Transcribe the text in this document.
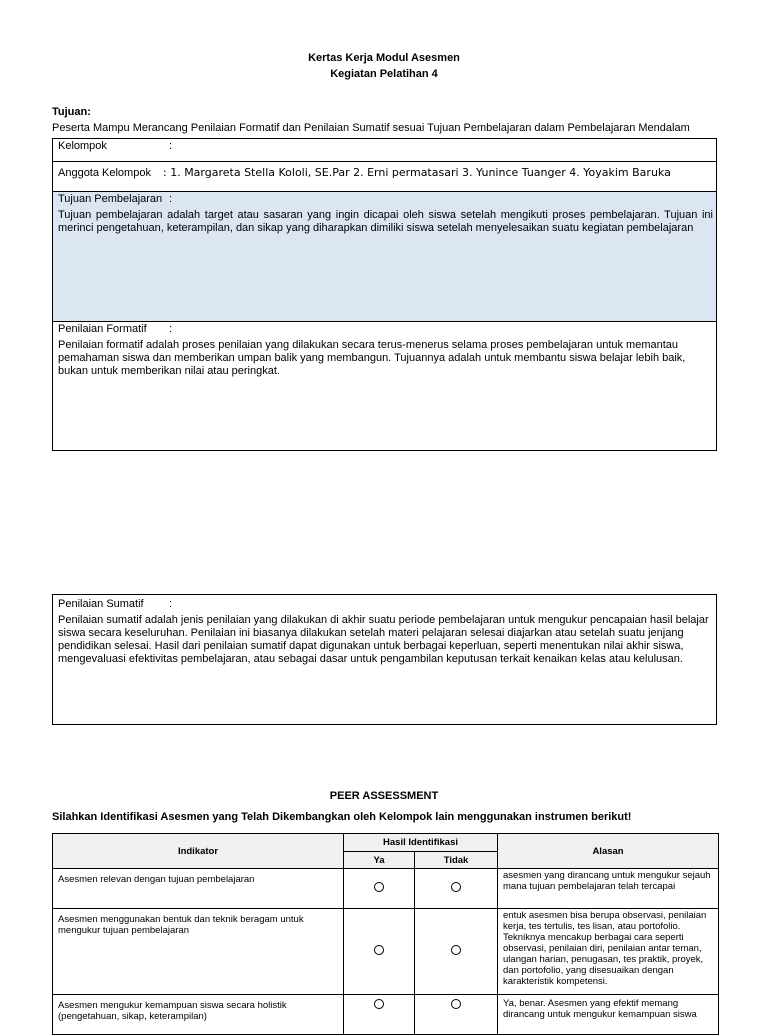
Kertas Kerja Modul Asesmen
Kegiatan Pelatihan 4
Tujuan:
Peserta Mampu Merancang Penilaian Formatif dan Penilaian Sumatif sesuai Tujuan Pembelajaran dalam Pembelajaran Mendalam
Kelompok	:
Anggota Kelompok : 1. Margareta Stella Kololi, SE.Par 2. Erni permatasari 3. Yunince Tuanger 4. Yoyakim Baruka
Tujuan Pembelajaran :
Tujuan pembelajaran adalah target atau sasaran yang ingin dicapai oleh siswa setelah mengikuti proses pembelajaran. Tujuan ini merinci pengetahuan, keterampilan, dan sikap yang diharapkan dimiliki siswa setelah menyelesaikan suatu kegiatan pembelajaran
Penilaian Formatif :
Penilaian formatif adalah proses penilaian yang dilakukan secara terus-menerus selama proses pembelajaran untuk memantau pemahaman siswa dan memberikan umpan balik yang membangun. Tujuannya adalah untuk membantu siswa belajar lebih baik, bukan untuk memberikan nilai atau peringkat.
Penilaian Sumatif :
Penilaian sumatif adalah jenis penilaian yang dilakukan di akhir suatu periode pembelajaran untuk mengukur pencapaian hasil belajar siswa secara keseluruhan. Penilaian ini biasanya dilakukan setelah materi pelajaran selesai diajarkan atau setelah suatu jenjang pendidikan selesai. Hasil dari penilaian sumatif dapat digunakan untuk berbagai keperluan, seperti menentukan nilai akhir siswa, mengevaluasi efektivitas pembelajaran, atau sebagai dasar untuk pengambilan keputusan terkait kenaikan kelas atau kelulusan.
PEER ASSESSMENT
Silahkan Identifikasi Asesmen yang Telah Dikembangkan oleh Kelompok lain menggunakan instrumen berikut!
Indikator	Hasil Identifikasi		Alasan
	Ya	Tidak	
Asesmen relevan dengan tujuan pembelajaran			asesmen yang dirancang untuk mengukur sejauh mana tujuan pembelajaran telah tercapai
Asesmen menggunakan bentuk dan teknik beragam untuk mengukur tujuan pembelajaran			entuk asesmen bisa berupa observasi, penilaian kerja, tes tertulis, tes lisan, atau portofolio. Tekniknya mencakup berbagai cara seperti observasi, penilaian diri, penilaian antar teman, ulangan harian, penugasan, tes praktik, proyek, dan portofolio, yang disesuaikan dengan karakteristik kompetensi.
Asesmen mengukur kemampuan siswa secara holistik (pengetahuan, sikap, keterampilan)			Ya, benar. Asesmen yang efektif memang dirancang untuk mengukur kemampuan siswa
